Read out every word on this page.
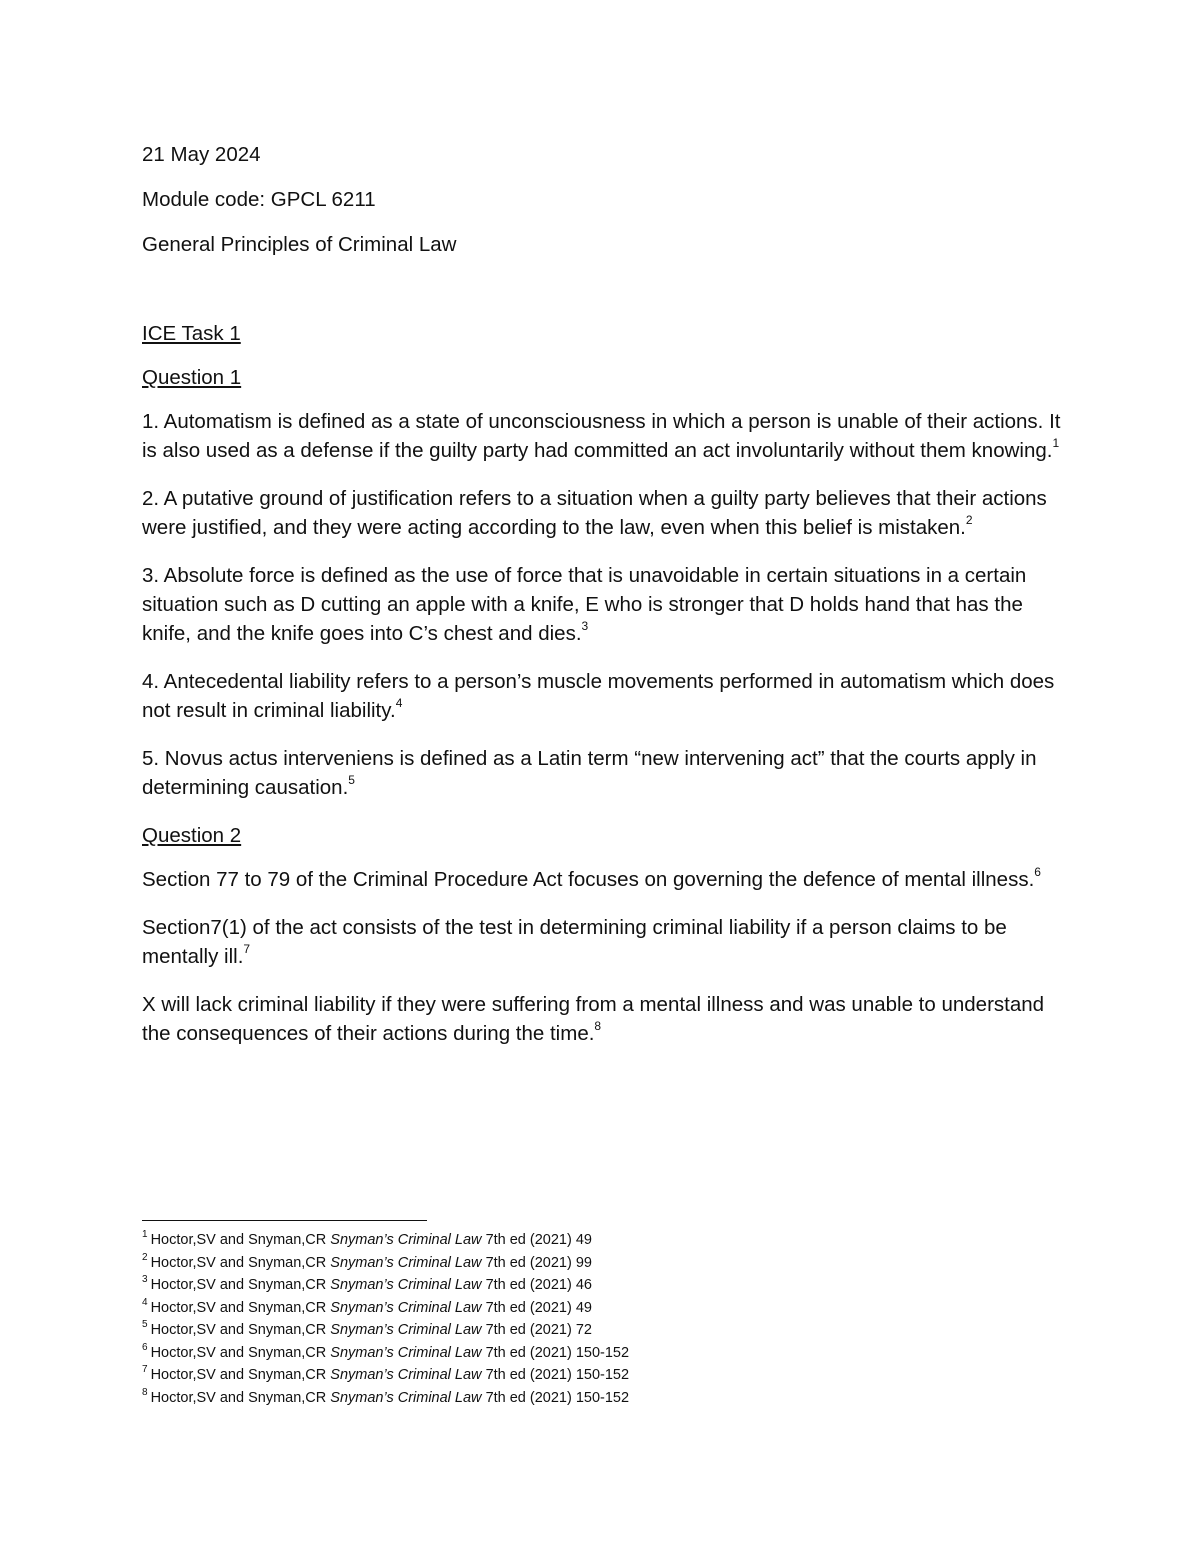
21 May 2024

Module code: GPCL 6211

General Principles of Criminal Law

ICE Task 1

Question 1

1. Automatism is defined as a state of unconsciousness in which a person is unable of their actions. It is also used as a defense if the guilty party had committed an act involuntarily without them knowing.$^1$

2. A putative ground of justification refers to a situation when a guilty party believes that their actions were justified, and they were acting according to the law, even when this belief is mistaken.$^2$

3. Absolute force is defined as the use of force that is unavoidable in certain situations in a certain situation such as D cutting an apple with a knife, E who is stronger that D holds hand that has the knife, and the knife goes into C’s chest and dies.$^3$

4. Antecedental liability refers to a person’s muscle movements performed in automatism which does not result in criminal liability.$^4$

5. Novus actus interveniens is defined as a Latin term “new intervening act” that the courts apply in determining causation.$^5$

Question 2

Section 77 to 79 of the Criminal Procedure Act focuses on governing the defence of mental illness.$^6$

Section7(1) of the act consists of the test in determining criminal liability if a person claims to be mentally ill.$^7$

X will lack criminal liability if they were suffering from a mental illness and was unable to understand the consequences of their actions during the time.$^8$

$^1$ Hoctor,SV and Snyman,CR Snyman’s Criminal Law 7th ed (2021) 49

$^2$ Hoctor,SV and Snyman,CR Snyman’s Criminal Law 7th ed (2021) 99

$^3$ Hoctor,SV and Snyman,CR Snyman’s Criminal Law 7th ed (2021) 46

$^4$ Hoctor,SV and Snyman,CR Snyman’s Criminal Law 7th ed (2021) 49

$^5$ Hoctor,SV and Snyman,CR Snyman’s Criminal Law 7th ed (2021) 72

$^6$ Hoctor,SV and Snyman,CR Snyman’s Criminal Law 7th ed (2021) 150-152

$^7$ Hoctor,SV and Snyman,CR Snyman’s Criminal Law 7th ed (2021) 150-152

$^8$ Hoctor,SV and Snyman,CR Snyman’s Criminal Law 7th ed (2021) 150-152
